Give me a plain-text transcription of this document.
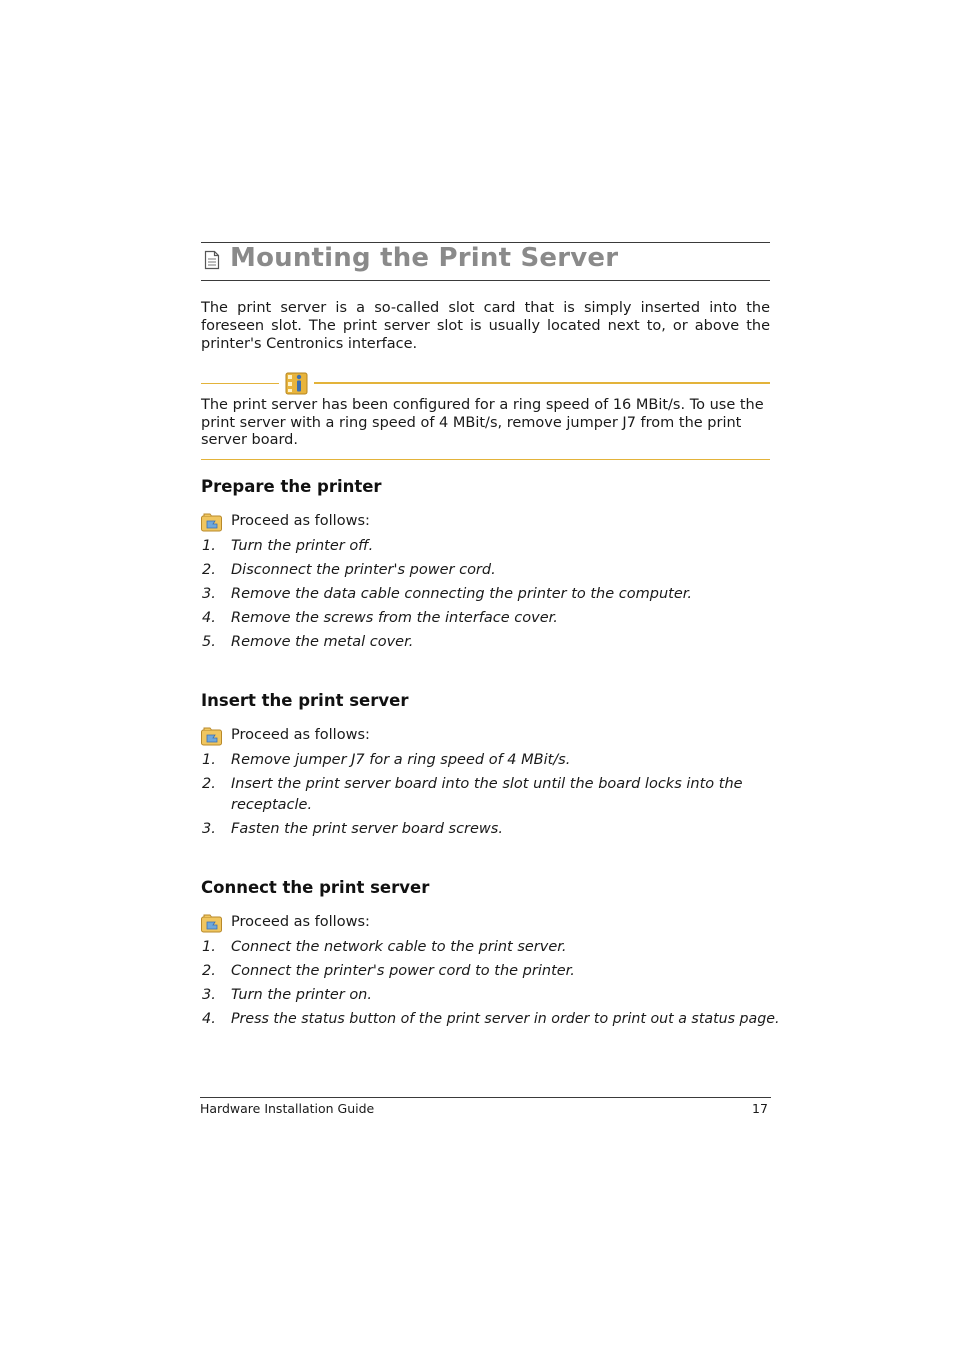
Mounting the Print Server

The print server is a so-called slot card that is simply inserted into the foreseen slot. The print server slot is usually located next to, or above the printer's Centronics interface.

The print server has been configured for a ring speed of 16 MBit/s. To use the print server with a ring speed of 4 MBit/s, remove jumper J7 from the print server board.

Prepare the printer

Proceed as follows:

1. Turn the printer off.

2. Disconnect the printer's power cord.

3. Remove the data cable connecting the printer to the computer.

4. Remove the screws from the interface cover.

5. Remove the metal cover.

Insert the print server

Proceed as follows:

1. Remove jumper J7 for a ring speed of 4 MBit/s.

2. Insert the print server board into the slot until the board locks into the receptacle.

3. Fasten the print server board screws.

Connect the print server

Proceed as follows:

1. Connect the network cable to the print server.

2. Connect the printer's power cord to the printer.

3. Turn the printer on.

4. Press the status button of the print server in order to print out a status page.

Hardware Installation Guide	17
